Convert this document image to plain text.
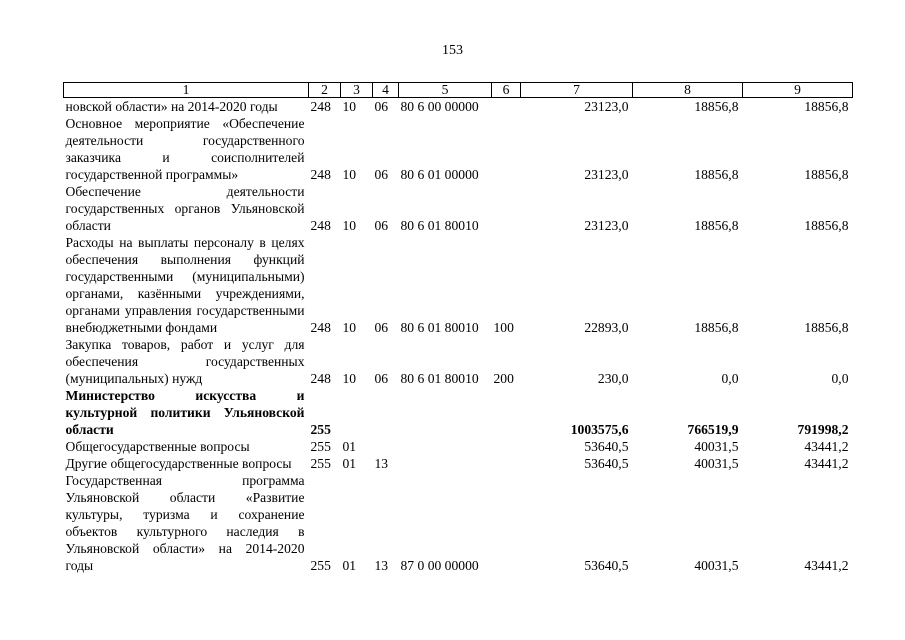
153
1	2	3	4	5	6	7	8	9
новской области» на 2014-2020 годы	248	10	06	80 6 00 00000		23123,0	18856,8	18856,8
Основное мероприятие «Обеспечение деятельности государственного заказчика и соисполнителей государственной программы»	248	10	06	80 6 01 00000		23123,0	18856,8	18856,8
Обеспечение деятельности государственных органов Ульяновской области	248	10	06	80 6 01 80010		23123,0	18856,8	18856,8
Расходы на выплаты персоналу в целях обеспечения выполнения функций государственными (муниципальными) органами, казёнными учреждениями, органами управления государственными внебюджетными фондами	248	10	06	80 6 01 80010	100	22893,0	18856,8	18856,8
Закупка товаров, работ и услуг для обеспечения государственных (муниципальных) нужд	248	10	06	80 6 01 80010	200	230,0	0,0	0,0
Министерство искусства и культурной политики Ульяновской области	255					1003575,6	766519,9	791998,2
Общегосударственные вопросы	255	01				53640,5	40031,5	43441,2
Другие общегосударственные вопросы	255	01	13			53640,5	40031,5	43441,2
Государственная программа Ульяновской области «Развитие культуры, туризма и сохранение объектов культурного наследия в Ульяновской области» на 2014-2020 годы	255	01	13	87 0 00 00000		53640,5	40031,5	43441,2
